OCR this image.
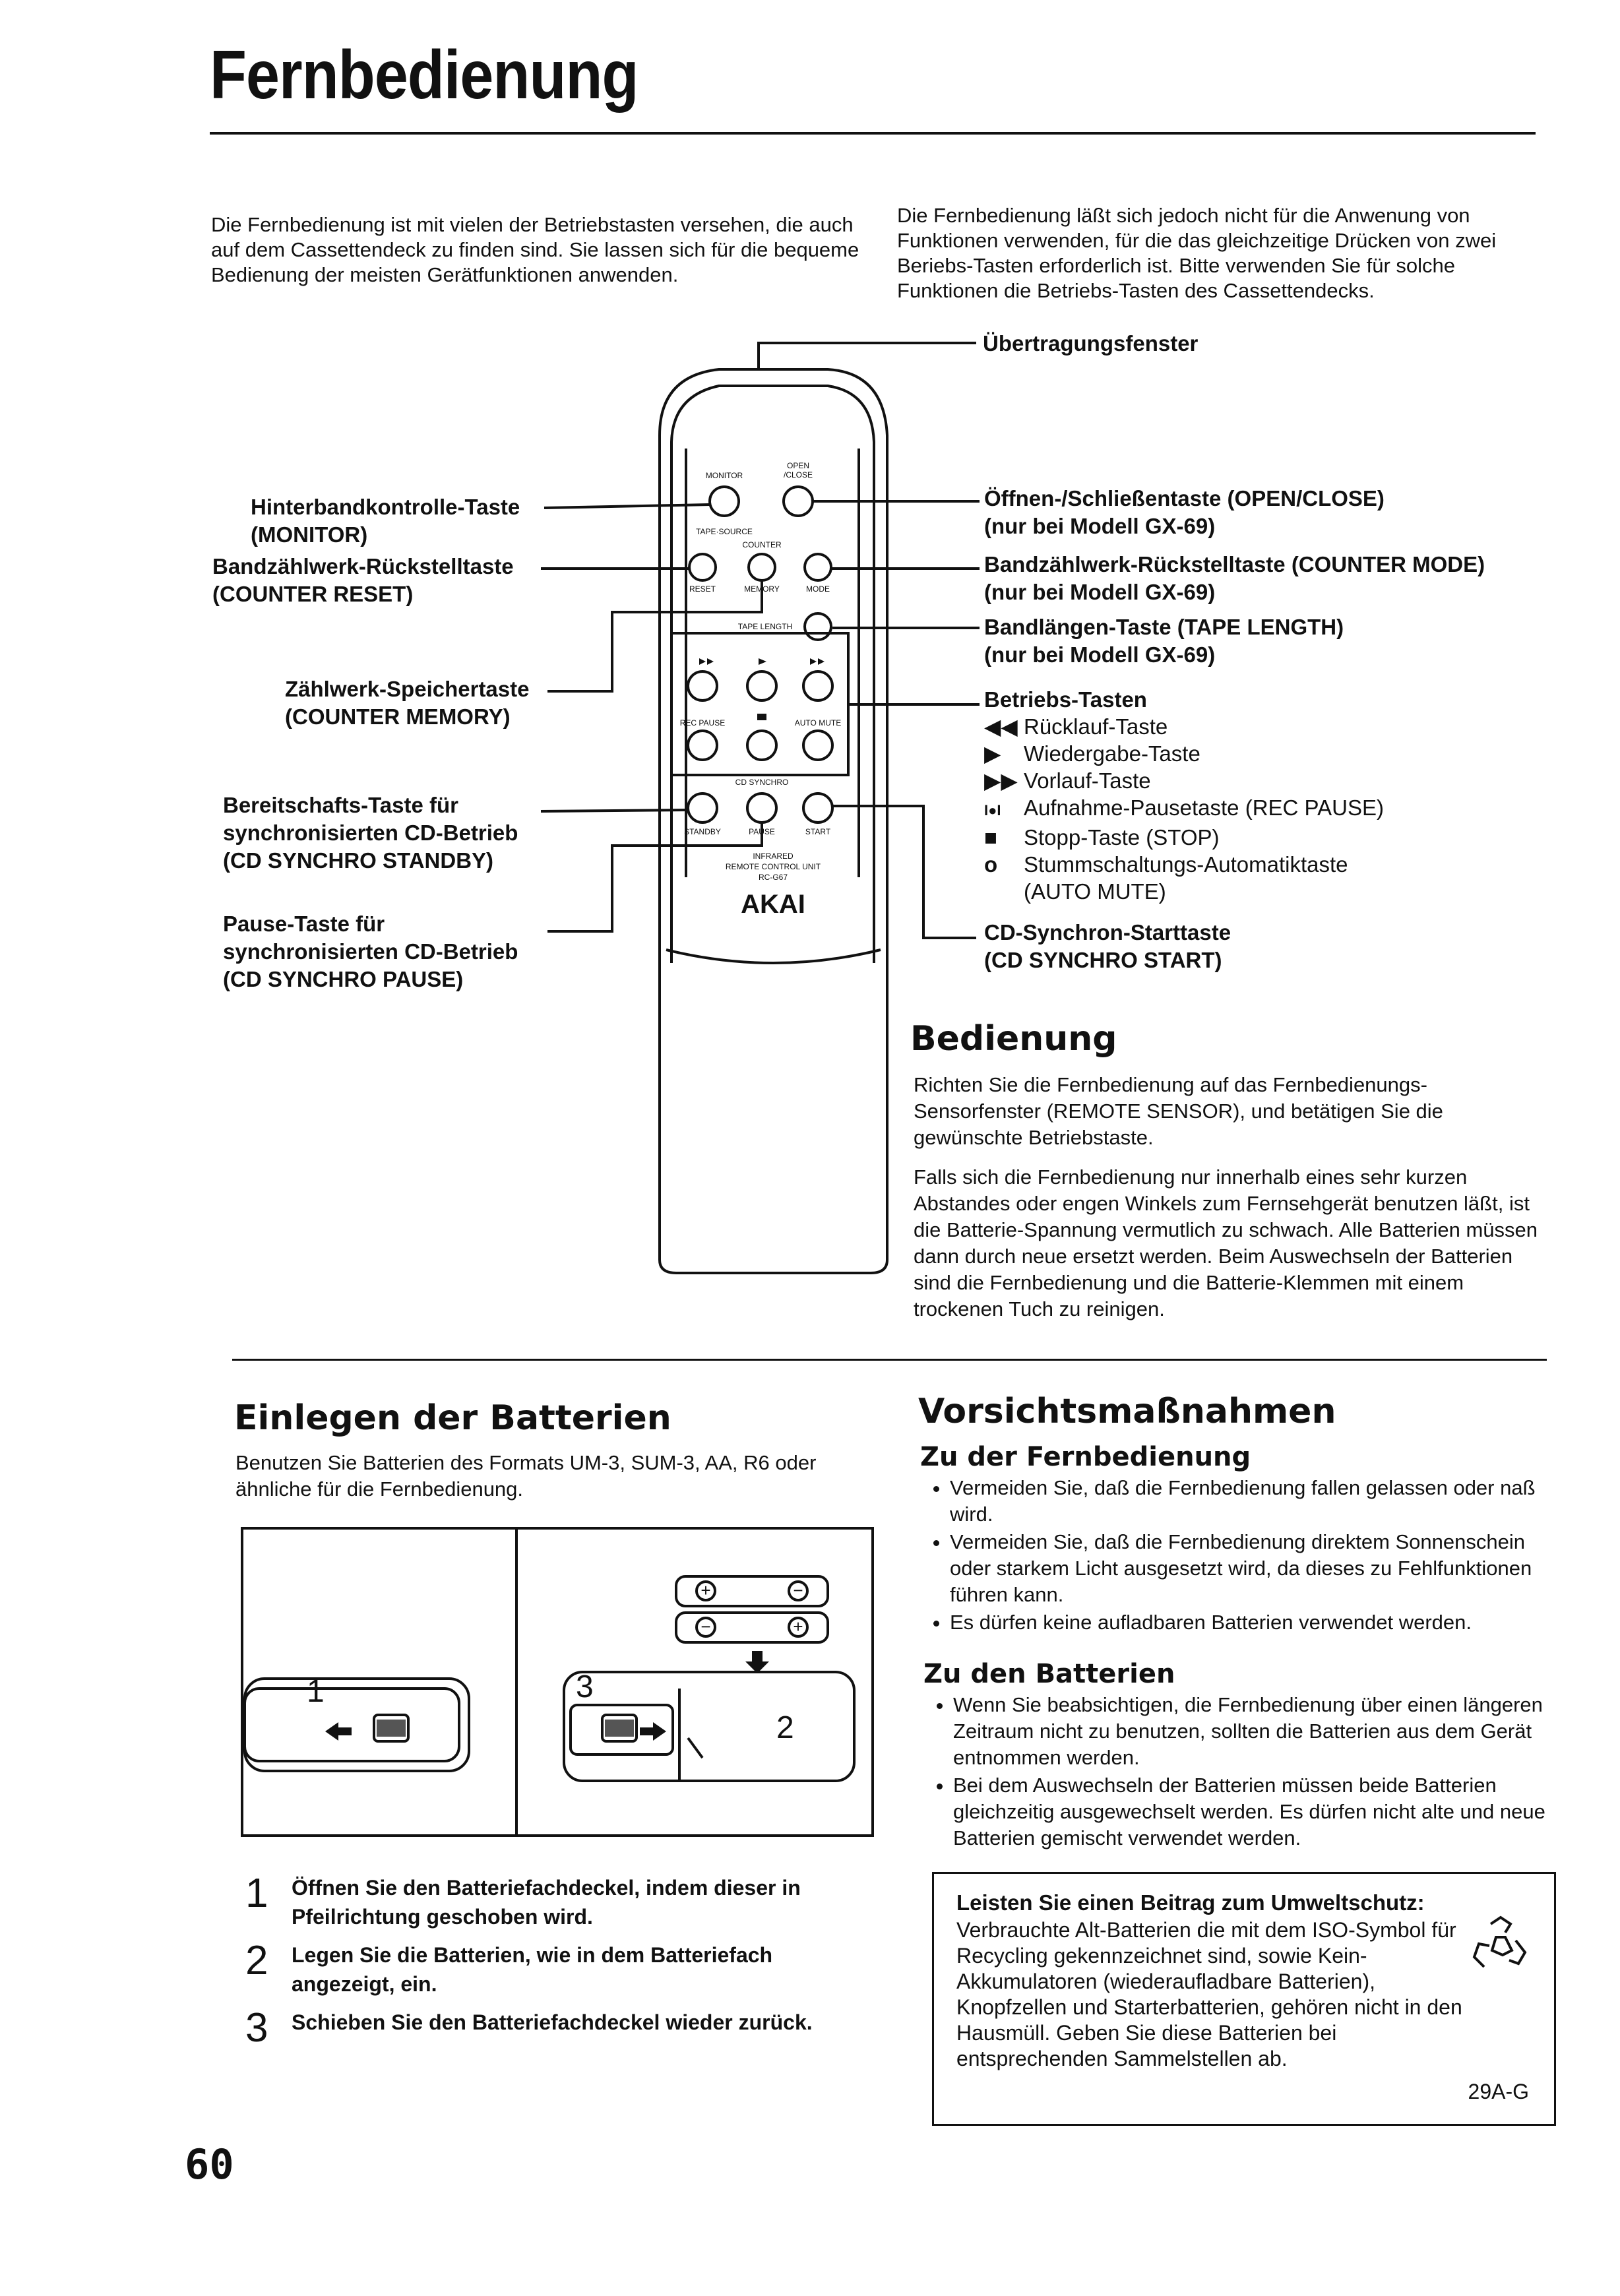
Fernbedienung
Die Fernbedienung ist mit vielen der Betriebstasten versehen, die auch auf dem Cassettendeck zu finden sind. Sie lassen sich für die bequeme Bedienung der meisten Gerätfunktionen anwenden.
Die Fernbedienung läßt sich jedoch nicht für die Anwenung von Funktionen verwenden, für die das gleichzeitige Drücken von zwei Beriebs-Tasten erforderlich ist. Bitte verwenden Sie für solche Funktionen die Betriebs-Tasten des Cassettendecks.
MONITOR
OPEN
/CLOSE
TAPE·SOURCE
COUNTER
RESET	MEMORY	MODE
TAPE LENGTH
REC PAUSE	AUTO MUTE
CD SYNCHRO
STANDBY	PAUSE	START
INFRARED
REMOTE CONTROL UNIT
RC-G67
AKAI
Übertragungsfenster
Hinterbandkontrolle-Taste
(MONITOR)
Bandzählwerk-Rückstelltaste
(COUNTER RESET)
Zählwerk-Speichertaste
(COUNTER MEMORY)
Bereitschafts-Taste für
synchronisierten CD-Betrieb
(CD SYNCHRO STANDBY)
Pause-Taste für
synchronisierten CD-Betrieb
(CD SYNCHRO PAUSE)
Öffnen-/Schließentaste (OPEN/CLOSE)
(nur bei Modell GX-69)
Bandzählwerk-Rückstelltaste (COUNTER MODE)
(nur bei Modell GX-69)
Bandlängen-Taste (TAPE LENGTH)
(nur bei Modell GX-69)
Betriebs-Tasten
◀◀ Rücklauf-Taste
▶ Wiedergabe-Taste
▶▶ Vorlauf-Taste
I●I Aufnahme-Pausetaste (REC PAUSE)
■ Stopp-Taste (STOP)
o	Stummschaltungs-Automatiktaste
(AUTO MUTE)
CD-Synchron-Starttaste
(CD SYNCHRO START)
Bedienung
Richten Sie die Fernbedienung auf das Fernbedienungs-Sensorfenster (REMOTE SENSOR), und betätigen Sie die gewünschte Betriebstaste.
Falls sich die Fernbedienung nur innerhalb eines sehr kurzen Abstandes oder engen Winkels zum Fernsehgerät benutzen läßt, ist die Batterie-Spannung vermutlich zu schwach. Alle Batterien müssen dann durch neue ersetzt werden. Beim Auswechseln der Batterien sind die Fernbedienung und die Batterie-Klemmen mit einem trockenen Tuch zu reinigen.
Einlegen der Batterien
Benutzen Sie Batterien des Formats UM-3, SUM-3, AA, R6 oder ähnliche für die Fernbedienung.
+	−
−	+
1
2
3
1	Öffnen Sie den Batteriefachdeckel, indem dieser in Pfeilrichtung geschoben wird.
2	Legen Sie die Batterien, wie in dem Batteriefach angezeigt, ein.
3	Schieben Sie den Batteriefachdeckel wieder zurück.
Vorsichtsmaßnahmen
Zu der Fernbedienung
• Vermeiden Sie, daß die Fernbedienung fallen gelassen oder naß wird.
• Vermeiden Sie, daß die Fernbedienung direktem Sonnenschein oder starkem Licht ausgesetzt wird, da dieses zu Fehlfunktionen führen kann.
• Es dürfen keine aufladbaren Batterien verwendet werden.
Zu den Batterien
• Wenn Sie beabsichtigen, die Fernbedienung über einen längeren Zeitraum nicht zu benutzen, sollten die Batterien aus dem Gerät entnommen werden.
• Bei dem Auswechseln der Batterien müssen beide Batterien gleichzeitig ausgewechselt werden. Es dürfen nicht alte und neue Batterien gemischt verwendet werden.
Leisten Sie einen Beitrag zum Umweltschutz:
Verbrauchte Alt-Batterien die mit dem ISO-Symbol für Recycling gekennzeichnet sind, sowie Kein-Akkumulatoren (wiederaufladbare Batterien), Knopfzellen und Starterbatterien, gehören nicht in den Hausmüll. Geben Sie diese Batterien bei entsprechenden Sammelstellen ab.
29A-G
60
